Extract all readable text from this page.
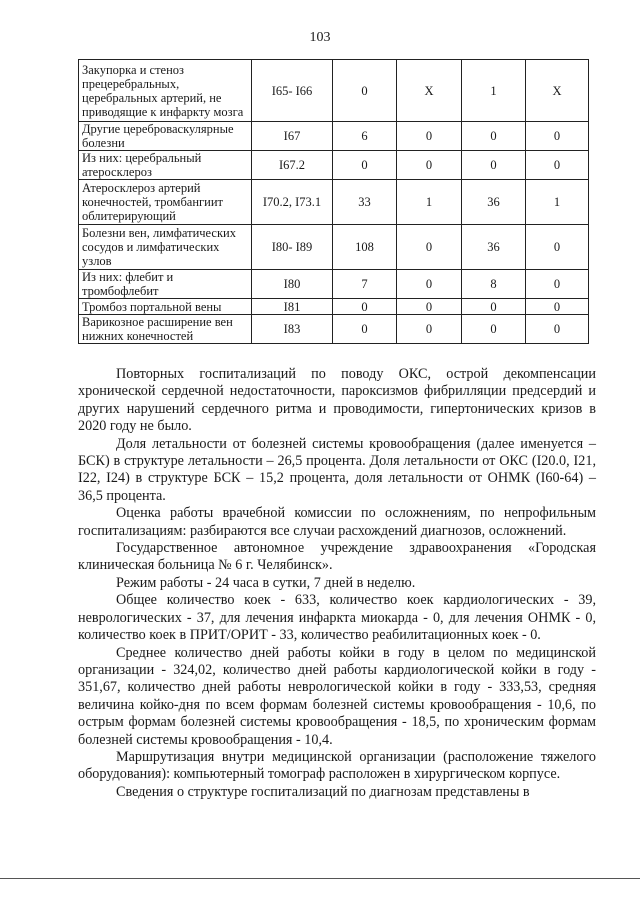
103
Закупорка и стеноз прецеребральных, церебральных артерий, не приводящие к инфаркту мозга	I65- I66	0	X	1	X
Другие цереброваскулярные болезни	I67	6	0	0	0
Из них: церебральный атеросклероз	I67.2	0	0	0	0
Атеросклероз артерий конечностей, тромбангиит облитерирующий	I70.2, I73.1	33	1	36	1
Болезни вен, лимфатических сосудов и лимфатических узлов	I80- I89	108	0	36	0
Из них: флебит и тромбофлебит	I80	7	0	8	0
Тромбоз портальной вены	I81	0	0	0	0
Варикозное расширение вен нижних конечностей	I83	0	0	0	0

Повторных госпитализаций по поводу ОКС, острой декомпенсации хронической сердечной недостаточности, пароксизмов фибрилляции предсердий и других нарушений сердечного ритма и проводимости, гипертонических кризов в 2020 году не было.

Доля летальности от болезней системы кровообращения (далее именуется – БСК) в структуре летальности – 26,5 процента. Доля летальности от ОКС (I20.0, I21, I22, I24) в структуре БСК – 15,2 процента, доля летальности от ОНМК (I60-64) – 36,5 процента.

Оценка работы врачебной комиссии по осложнениям, по непрофильным госпитализациям: разбираются все случаи расхождений диагнозов, осложнений.

Государственное автономное учреждение здравоохранения «Городская клиническая больница № 6 г. Челябинск».

Режим работы - 24 часа в сутки, 7 дней в неделю.

Общее количество коек - 633, количество коек кардиологических - 39, неврологических - 37, для лечения инфаркта миокарда - 0, для лечения ОНМК - 0, количество коек в ПРИТ/ОРИТ - 33, количество реабилитационных коек - 0.

Среднее количество дней работы койки в году в целом по медицинской организации - 324,02, количество дней работы кардиологической койки в году - 351,67, количество дней работы неврологической койки в году - 333,53, средняя величина койко-дня по всем формам болезней системы кровообращения - 10,6, по острым формам болезней системы кровообращения - 18,5, по хроническим формам болезней системы кровообращения - 10,4.

Маршрутизация внутри медицинской организации (расположение тяжелого оборудования): компьютерный томограф расположен в хирургическом корпусе.

Сведения о структуре госпитализаций по диагнозам представлены в
